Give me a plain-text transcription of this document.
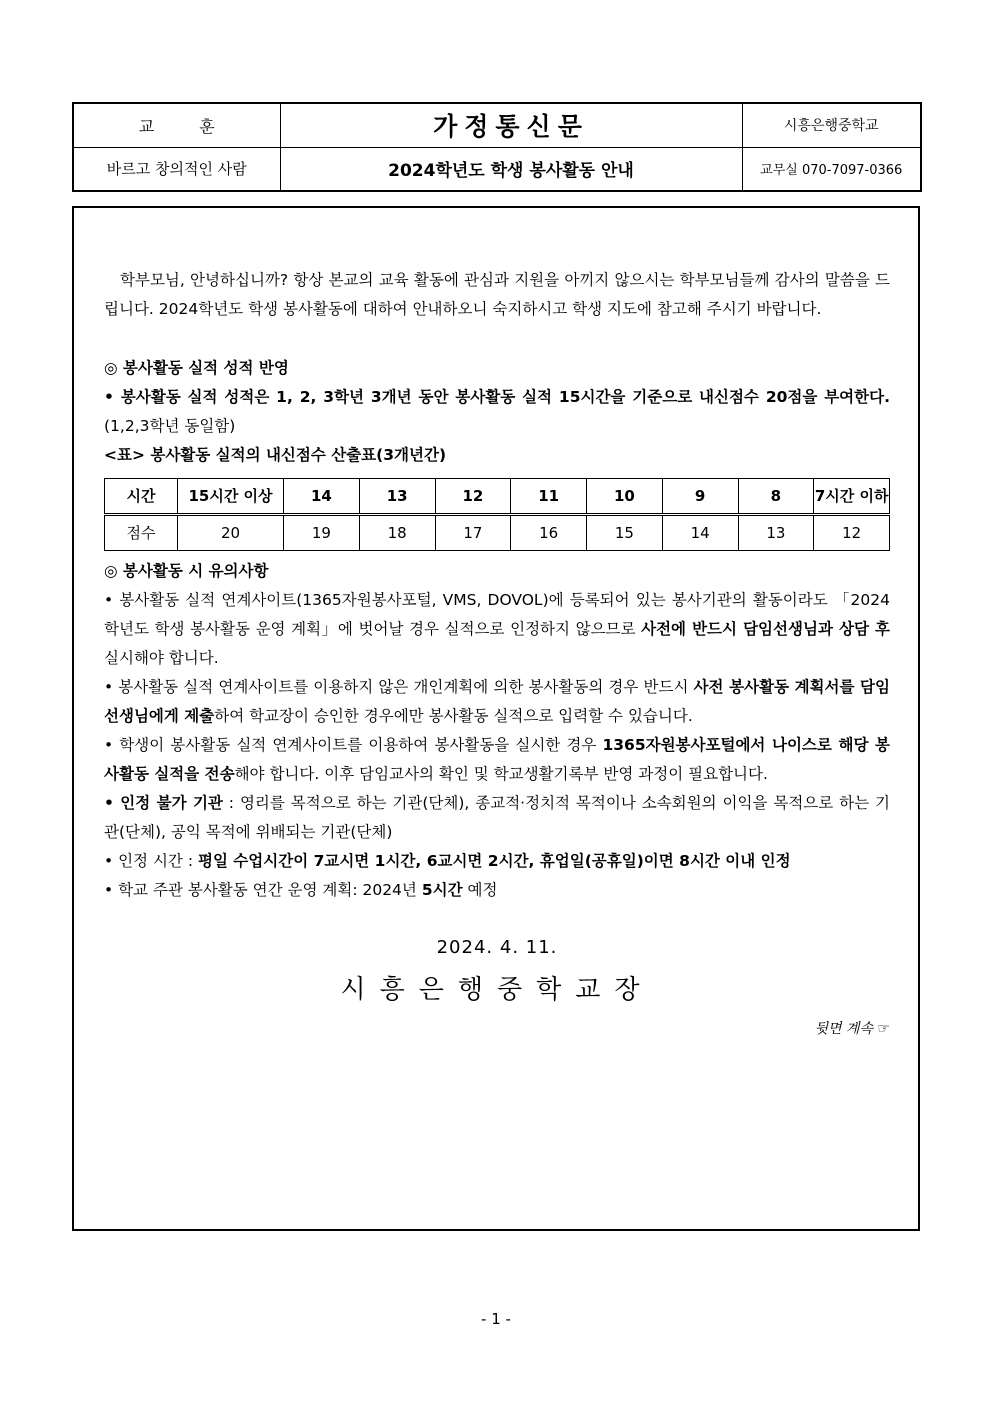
교 훈	가정통신문	시흥은행중학교
바르고 창의적인 사람	2024학년도 학생 봉사활동 안내	교무실 070-7097-0366

학부모님, 안녕하십니까? 항상 본교의 교육 활동에 관심과 지원을 아끼지 않으시는 학부모님들께 감사의 말씀을 드립니다. 2024학년도 학생 봉사활동에 대하여 안내하오니 숙지하시고 학생 지도에 참고해 주시기 바랍니다.

◎ 봉사활동 실적 성적 반영

• 봉사활동 실적 성적은 1, 2, 3학년 3개년 동안 봉사활동 실적 15시간을 기준으로 내신점수 20점을 부여한다. (1,2,3학년 동일함)

<표> 봉사활동 실적의 내신점수 산출표(3개년간)

시간	15시간 이상	14	13	12	11	10	9	8	7시간 이하
점수	20	19	18	17	16	15	14	13	12

◎ 봉사활동 시 유의사항

• 봉사활동 실적 연계사이트(1365자원봉사포털, VMS, DOVOL)에 등록되어 있는 봉사기관의 활동이라도 「2024학년도 학생 봉사활동 운영 계획」에 벗어날 경우 실적으로 인정하지 않으므로 사전에 반드시 담임선생님과 상담 후 실시해야 합니다.

• 봉사활동 실적 연계사이트를 이용하지 않은 개인계획에 의한 봉사활동의 경우 반드시 사전 봉사활동 계획서를 담임 선생님에게 제출하여 학교장이 승인한 경우에만 봉사활동 실적으로 입력할 수 있습니다.

• 학생이 봉사활동 실적 연계사이트를 이용하여 봉사활동을 실시한 경우 1365자원봉사포털에서 나이스로 해당 봉사활동 실적을 전송해야 합니다. 이후 담임교사의 확인 및 학교생활기록부 반영 과정이 필요합니다.

• 인정 불가 기관 : 영리를 목적으로 하는 기관(단체), 종교적·정치적 목적이나 소속회원의 이익을 목적으로 하는 기관(단체), 공익 목적에 위배되는 기관(단체)

• 인정 시간 : 평일 수업시간이 7교시면 1시간, 6교시면 2시간, 휴업일(공휴일)이면 8시간 이내 인정

• 학교 주관 봉사활동 연간 운영 계획: 2024년 5시간 예정

2024. 4. 11.

시흥은행중학교장

뒷면 계속 ☞

- 1 -
